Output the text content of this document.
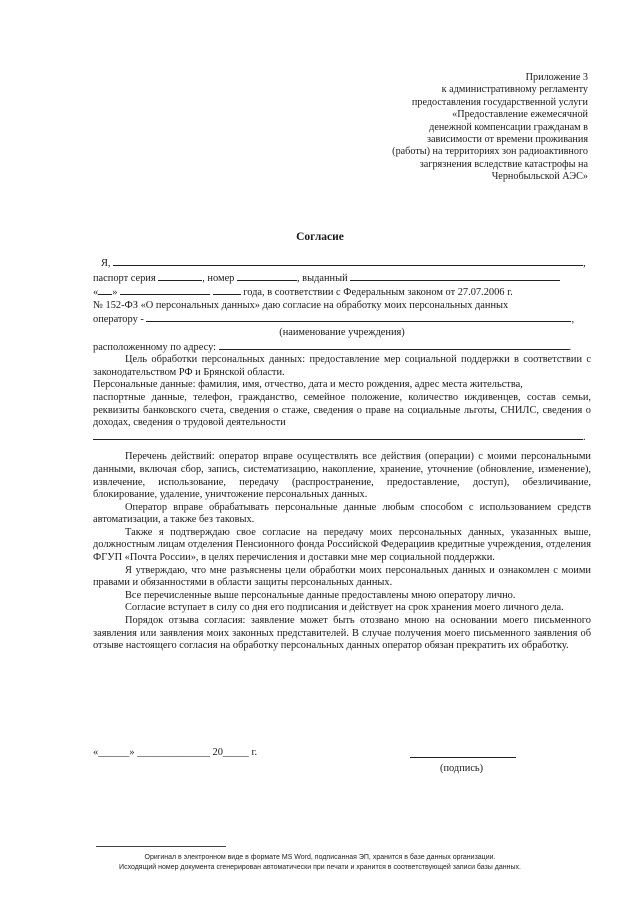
Приложение 3
к административному регламенту
предоставления государственной услуги
«Предоставление ежемесячной
денежной компенсации гражданам в
зависимости от времени проживания
(работы) на территориях зон радиоактивного
загрязнения вследствие катастрофы на
Чернобыльской АЭС»
Согласие
Я,	,
паспорт серия	, номер	, выданный
« »	года, в соответствии с Федеральным законом от 27.07.2006 г.
№ 152-ФЗ «О персональных данных» даю согласие на обработку моих персональных данных
оператору -	,
(наименование учреждения)
расположенному по адресу:	.

Цель обработки персональных данных: предоставление мер социальной поддержки в соответствии с законодательством РФ и Брянской области.

Персональные данные: фамилия, имя, отчество, дата и место рождения, адрес места жительства,

паспортные данные, телефон, гражданство, семейное положение, количество иждивенцев, состав семьи, реквизиты банковского счета, сведения о стаже, сведения о праве на социальные льготы, СНИЛС, сведения о доходах, сведения о трудовой деятельности

.

Перечень действий: оператор вправе осуществлять все действия (операции) с моими персональными данными, включая сбор, запись, систематизацию, накопление, хранение, уточнение (обновление, изменение), извлечение, использование, передачу (распространение, предоставление, доступ), обезличивание, блокирование, удаление, уничтожение персональных данных.

Оператор вправе обрабатывать персональные данные любым способом с использованием средств автоматизации, а также без таковых.

Также я подтверждаю свое согласие на передачу моих персональных данных, указанных выше, должностным лицам отделения Пенсионного фонда Российской Федерациив кредитные учреждения, отделения ФГУП «Почта России», в целях перечисления и доставки мне мер социальной поддержки.

Я утверждаю, что мне разъяснены цели обработки моих персональных данных и ознакомлен с моими правами и обязанностями в области защиты персональных данных.

Все перечисленные выше персональные данные предоставлены мною оператору лично.

Согласие вступает в силу со дня его подписания и действует на срок хранения моего личного дела.

Порядок отзыва согласия: заявление может быть отозвано мною на основании моего письменного заявления или заявления моих законных представителей. В случае получения моего письменного заявления об отзыве настоящего согласия на обработку персональных данных оператор обязан прекратить их обработку.

«______» ______________ 20_____ г.
(подпись)
Оригинал в электронном виде в формате MS Word, подписанная ЭП, хранится в базе данных организации.
Исходящий номер документа сгенерирован автоматически при печати и хранится в соответствующей записи базы данных.
